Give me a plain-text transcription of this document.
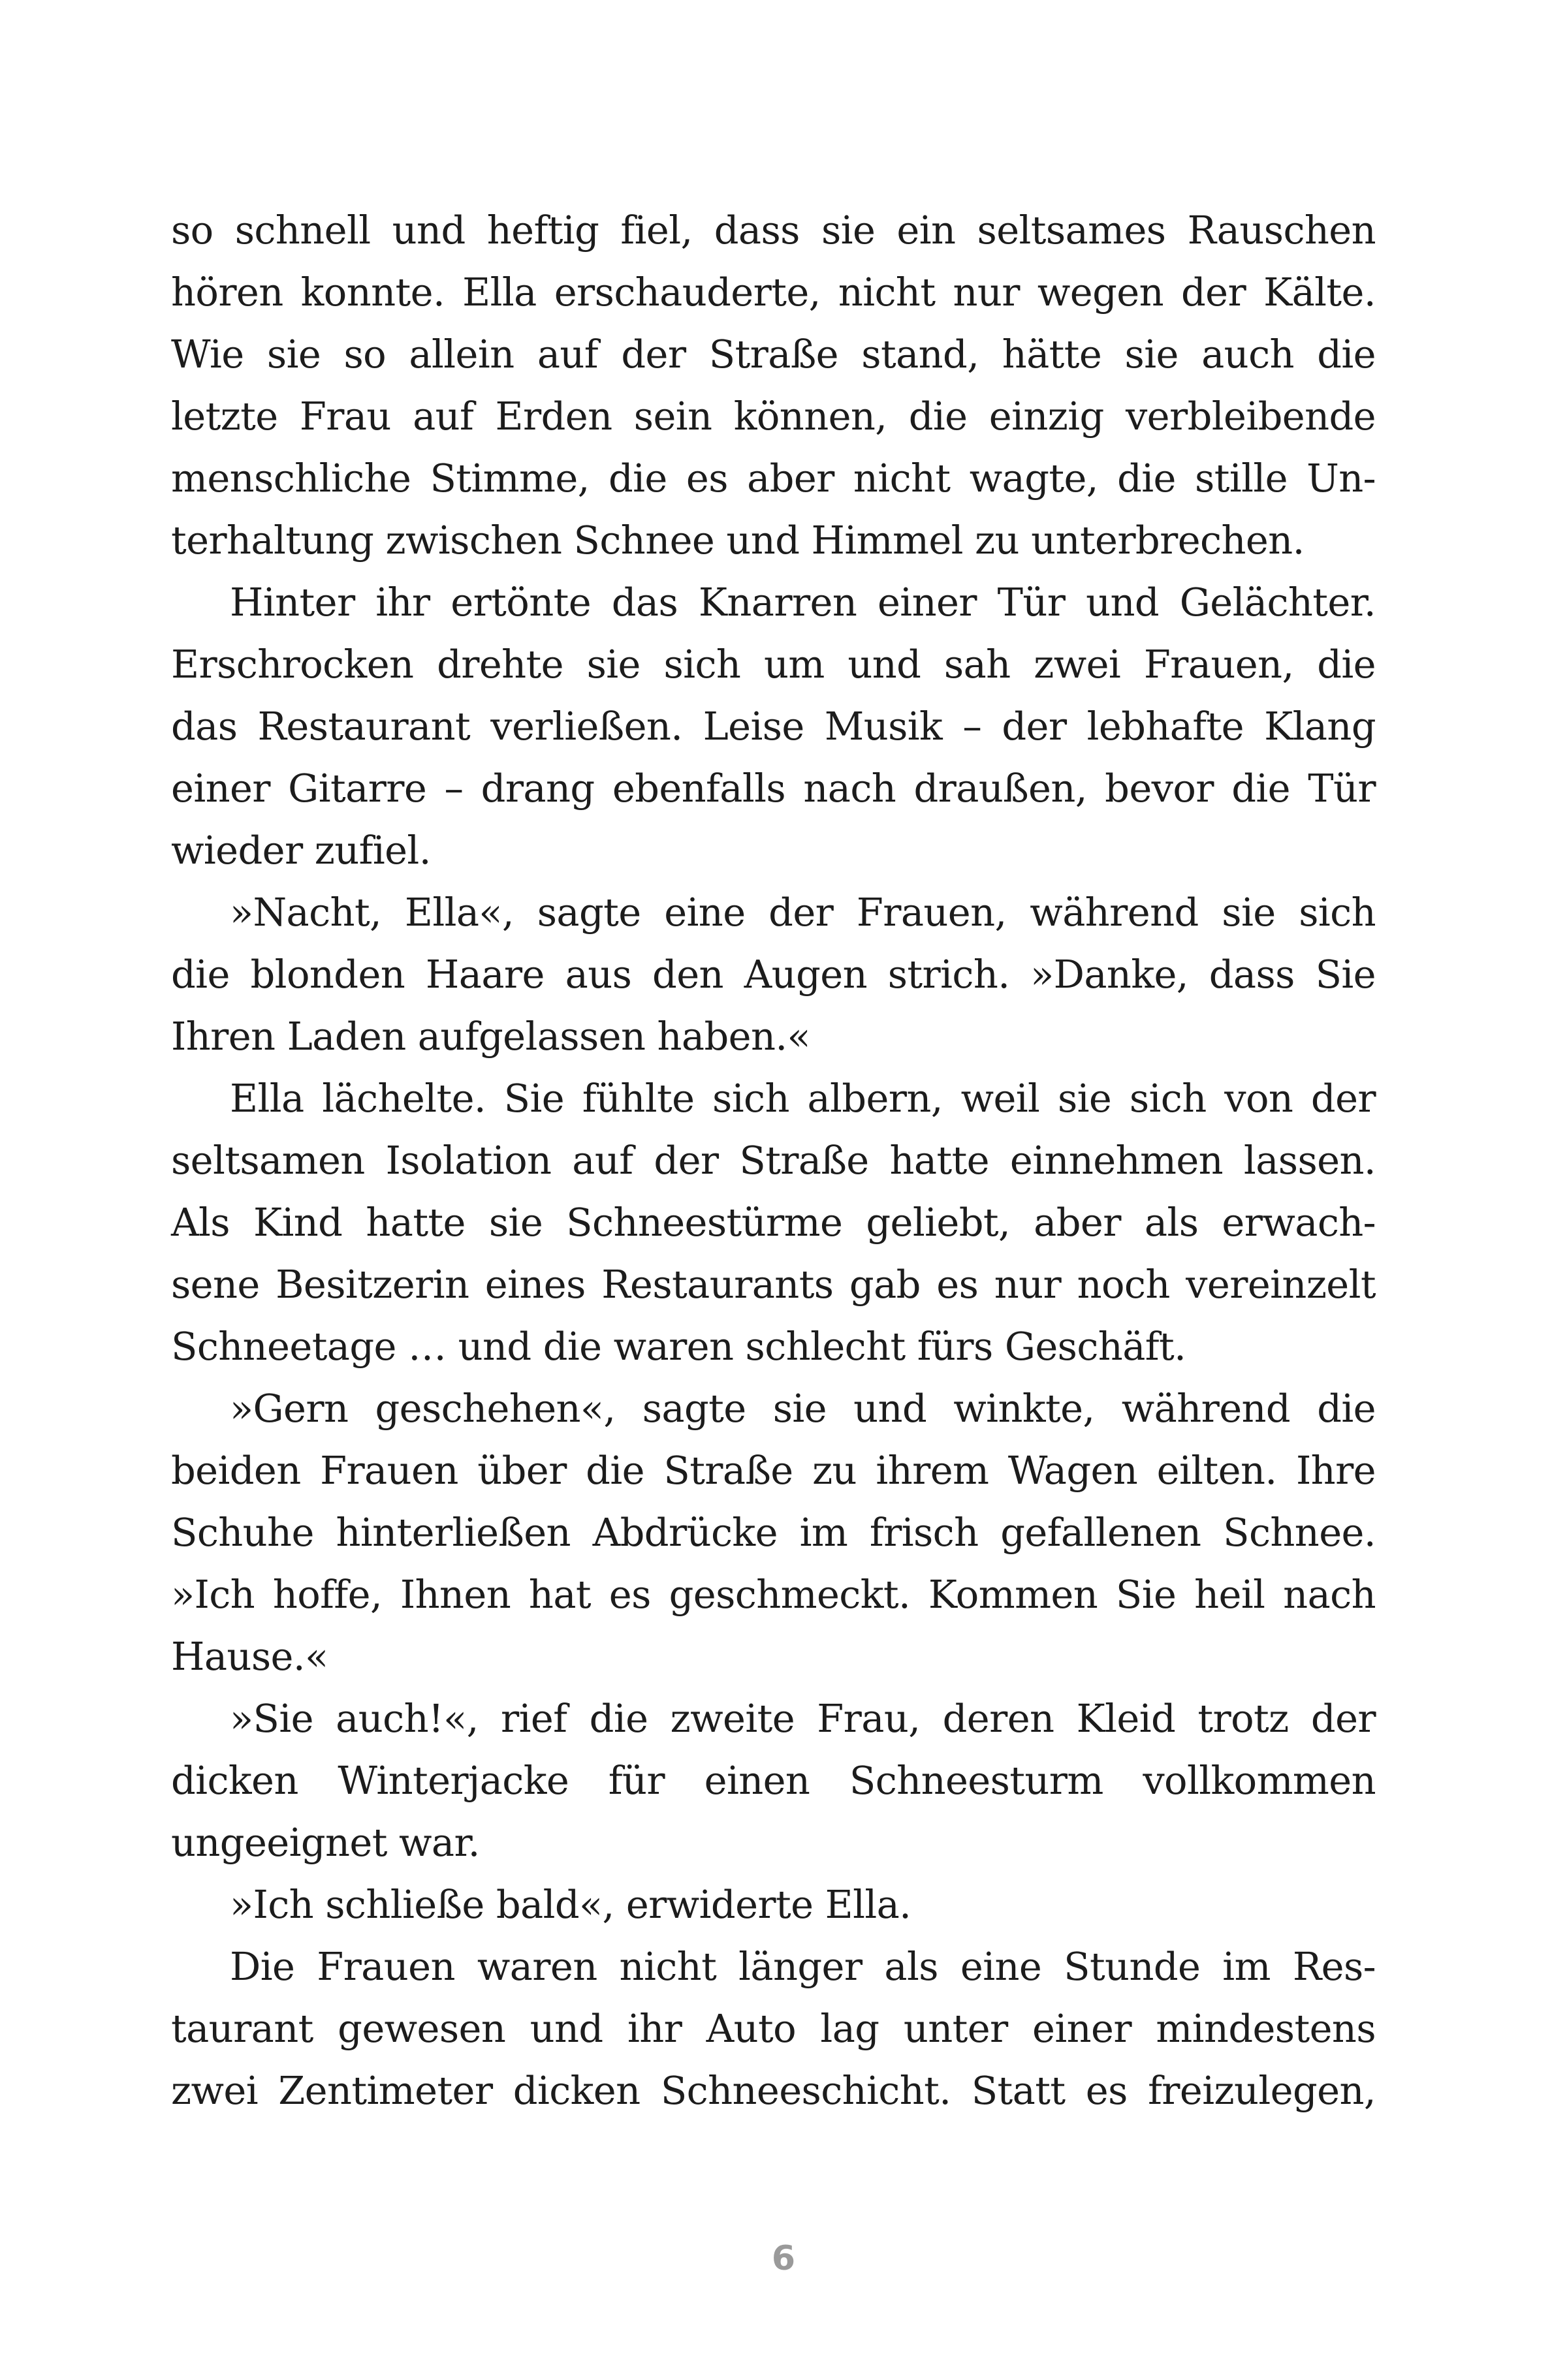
so schnell und heftig fiel, dass sie ein seltsames Rauschen
hören konnte. Ella erschauderte, nicht nur wegen der Kälte.
Wie sie so allein auf der Straße stand, hätte sie auch die
letzte Frau auf Erden sein können, die einzig verbleibende
menschliche Stimme, die es aber nicht wagte, die stille Un-
terhaltung zwischen Schnee und Himmel zu unterbrechen.
Hinter ihr ertönte das Knarren einer Tür und Gelächter.
Erschrocken drehte sie sich um und sah zwei Frauen, die
das Restaurant verließen. Leise Musik – der lebhafte Klang
einer Gitarre – drang ebenfalls nach draußen, bevor die Tür
wieder zufiel.
»Nacht, Ella«, sagte eine der Frauen, während sie sich
die blonden Haare aus den Augen strich. »Danke, dass Sie
Ihren Laden aufgelassen haben.«
Ella lächelte. Sie fühlte sich albern, weil sie sich von der
seltsamen Isolation auf der Straße hatte einnehmen lassen.
Als Kind hatte sie Schneestürme geliebt, aber als erwach-
sene Besitzerin eines Restaurants gab es nur noch vereinzelt
Schneetage … und die waren schlecht fürs Geschäft.
»Gern geschehen«, sagte sie und winkte, während die
beiden Frauen über die Straße zu ihrem Wagen eilten. Ihre
Schuhe hinterließen Abdrücke im frisch gefallenen Schnee.
»Ich hoffe, Ihnen hat es geschmeckt. Kommen Sie heil nach
Hause.«
»Sie auch!«, rief die zweite Frau, deren Kleid trotz der
dicken Winterjacke für einen Schneesturm vollkommen
ungeeignet war.
»Ich schließe bald«, erwiderte Ella.
Die Frauen waren nicht länger als eine Stunde im Res-
taurant gewesen und ihr Auto lag unter einer mindestens
zwei Zentimeter dicken Schneeschicht. Statt es freizulegen,
6
